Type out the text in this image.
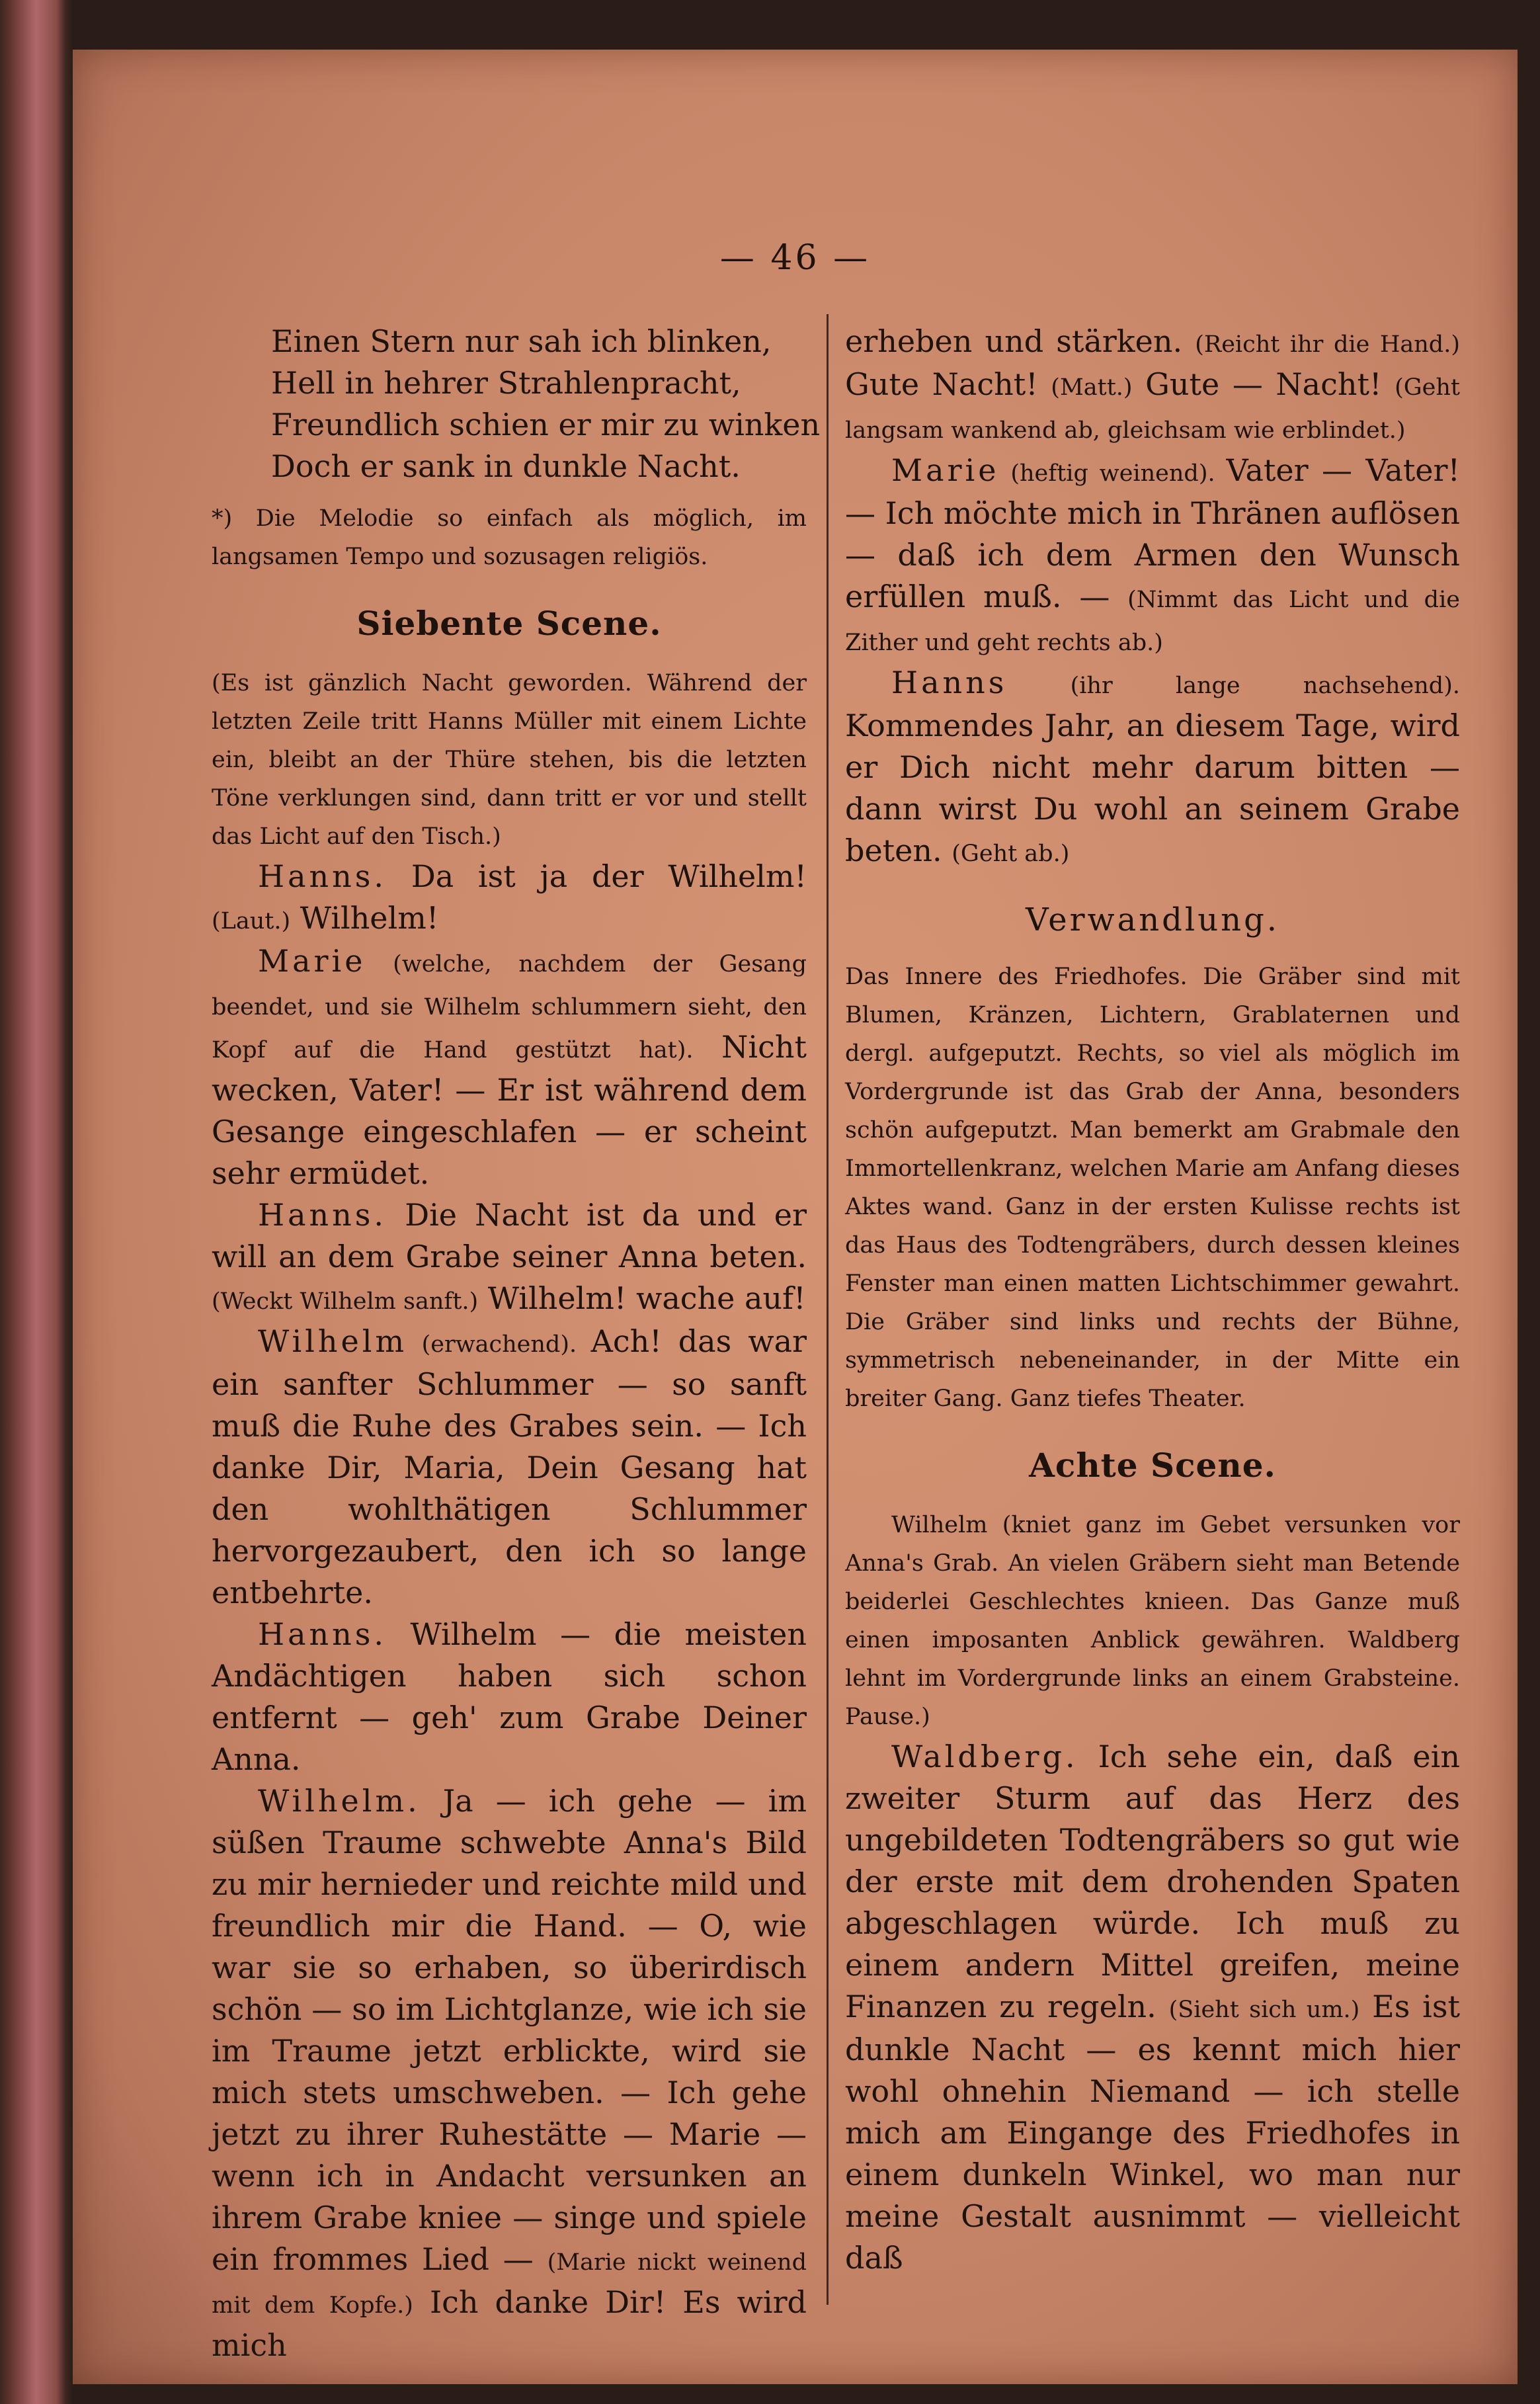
— 46 —
Einen Stern nur sah ich blinken,
Hell in hehrer Strahlenpracht,
Freundlich schien er mir zu winken
Doch er sank in dunkle Nacht.

*) Die Melodie so einfach als möglich, im langsamen Tempo und sozusagen religiös.

Siebente Scene.

(Es ist gänzlich Nacht geworden. Während der letzten Zeile tritt Hanns Müller mit einem Lichte ein, bleibt an der Thüre stehen, bis die letzten Töne verklungen sind, dann tritt er vor und stellt das Licht auf den Tisch.)

Hanns. Da ist ja der Wilhelm! (Laut.) Wilhelm!

Marie (welche, nachdem der Gesang beendet, und sie Wilhelm schlummern sieht, den Kopf auf die Hand gestützt hat). Nicht wecken, Vater! — Er ist während dem Gesange eingeschlafen — er scheint sehr ermüdet.

Hanns. Die Nacht ist da und er will an dem Grabe seiner Anna beten. (Weckt Wilhelm sanft.) Wilhelm! wache auf!

Wilhelm (erwachend). Ach! das war ein sanfter Schlummer — so sanft muß die Ruhe des Grabes sein. — Ich danke Dir, Maria, Dein Gesang hat den wohlthätigen Schlummer hervorgezaubert, den ich so lange entbehrte.

Hanns. Wilhelm — die meisten Andächtigen haben sich schon entfernt — geh' zum Grabe Deiner Anna.

Wilhelm. Ja — ich gehe — im süßen Traume schwebte Anna's Bild zu mir hernieder und reichte mild und freundlich mir die Hand. — O, wie war sie so erhaben, so überirdisch schön — so im Lichtglanze, wie ich sie im Traume jetzt erblickte, wird sie mich stets umschweben. — Ich gehe jetzt zu ihrer Ruhestätte — Marie — wenn ich in Andacht versunken an ihrem Grabe kniee — singe und spiele ein frommes Lied — (Marie nickt weinend mit dem Kopfe.) Ich danke Dir! Es wird mich

erheben und stärken. (Reicht ihr die Hand.) Gute Nacht! (Matt.) Gute — Nacht! (Geht langsam wankend ab, gleichsam wie erblindet.)

Marie (heftig weinend). Vater — Vater! — Ich möchte mich in Thränen auflösen — daß ich dem Armen den Wunsch erfüllen muß. — (Nimmt das Licht und die Zither und geht rechts ab.)

Hanns (ihr lange nachsehend). Kommendes Jahr, an diesem Tage, wird er Dich nicht mehr darum bitten — dann wirst Du wohl an seinem Grabe beten. (Geht ab.)

Verwandlung.

Das Innere des Friedhofes. Die Gräber sind mit Blumen, Kränzen, Lichtern, Grablaternen und dergl. aufgeputzt. Rechts, so viel als möglich im Vordergrunde ist das Grab der Anna, besonders schön aufgeputzt. Man bemerkt am Grabmale den Immortellenkranz, welchen Marie am Anfang dieses Aktes wand. Ganz in der ersten Kulisse rechts ist das Haus des Todtengräbers, durch dessen kleines Fenster man einen matten Lichtschimmer gewahrt. Die Gräber sind links und rechts der Bühne, symmetrisch nebeneinander, in der Mitte ein breiter Gang. Ganz tiefes Theater.

Achte Scene.

Wilhelm (kniet ganz im Gebet versunken vor Anna's Grab. An vielen Gräbern sieht man Betende beiderlei Geschlechtes knieen. Das Ganze muß einen imposanten Anblick gewähren. Waldberg lehnt im Vordergrunde links an einem Grabsteine. Pause.)

Waldberg. Ich sehe ein, daß ein zweiter Sturm auf das Herz des ungebildeten Todtengräbers so gut wie der erste mit dem drohenden Spaten abgeschlagen würde. Ich muß zu einem andern Mittel greifen, meine Finanzen zu regeln. (Sieht sich um.) Es ist dunkle Nacht — es kennt mich hier wohl ohnehin Niemand — ich stelle mich am Eingange des Friedhofes in einem dunkeln Winkel, wo man nur meine Gestalt ausnimmt — vielleicht daß
